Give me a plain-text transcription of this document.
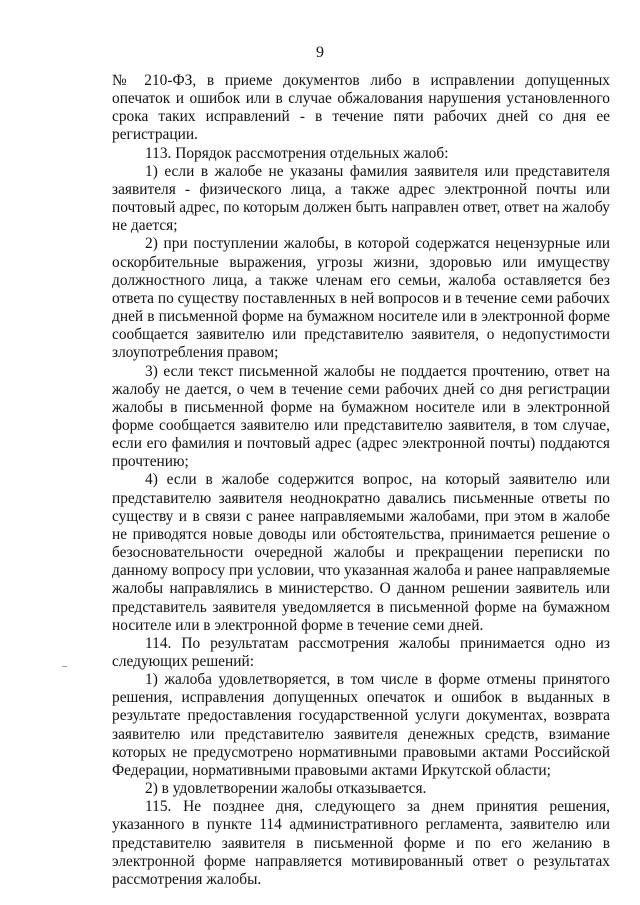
9

№ 210-ФЗ, в приеме документов либо в исправлении допущенных опечаток и ошибок или в случае обжалования нарушения установленного срока таких исправлений - в течение пяти рабочих дней со дня ее регистрации.

113. Порядок рассмотрения отдельных жалоб:

1) если в жалобе не указаны фамилия заявителя или представителя заявителя - физического лица, а также адрес электронной почты или почтовый адрес, по которым должен быть направлен ответ, ответ на жалобу не дается;

2) при поступлении жалобы, в которой содержатся нецензурные или оскорбительные выражения, угрозы жизни, здоровью или имуществу должностного лица, а также членам его семьи, жалоба оставляется без ответа по существу поставленных в ней вопросов и в течение семи рабочих дней в письменной форме на бумажном носителе или в электронной форме сообщается заявителю или представителю заявителя, о недопустимости злоупотребления правом;

3) если текст письменной жалобы не поддается прочтению, ответ на жалобу не дается, о чем в течение семи рабочих дней со дня регистрации жалобы в письменной форме на бумажном носителе или в электронной форме сообщается заявителю или представителю заявителя, в том случае, если его фамилия и почтовый адрес (адрес электронной почты) поддаются прочтению;

4) если в жалобе содержится вопрос, на который заявителю или представителю заявителя неоднократно давались письменные ответы по существу и в связи с ранее направляемыми жалобами, при этом в жалобе не приводятся новые доводы или обстоятельства, принимается решение о безосновательности очередной жалобы и прекращении переписки по данному вопросу при условии, что указанная жалоба и ранее направляемые жалобы направлялись в министерство. О данном решении заявитель или представитель заявителя уведомляется в письменной форме на бумажном носителе или в электронной форме в течение семи дней.

114. По результатам рассмотрения жалобы принимается одно из следующих решений:

1) жалоба удовлетворяется, в том числе в форме отмены принятого решения, исправления допущенных опечаток и ошибок в выданных в результате предоставления государственной услуги документах, возврата заявителю или представителю заявителя денежных средств, взимание которых не предусмотрено нормативными правовыми актами Российской Федерации, нормативными правовыми актами Иркутской области;

2) в удовлетворении жалобы отказывается.

115. Не позднее дня, следующего за днем принятия решения, указанного в пункте 114 административного регламента, заявителю или представителю заявителя в письменной форме и по его желанию в электронной форме направляется мотивированный ответ о результатах рассмотрения жалобы.
